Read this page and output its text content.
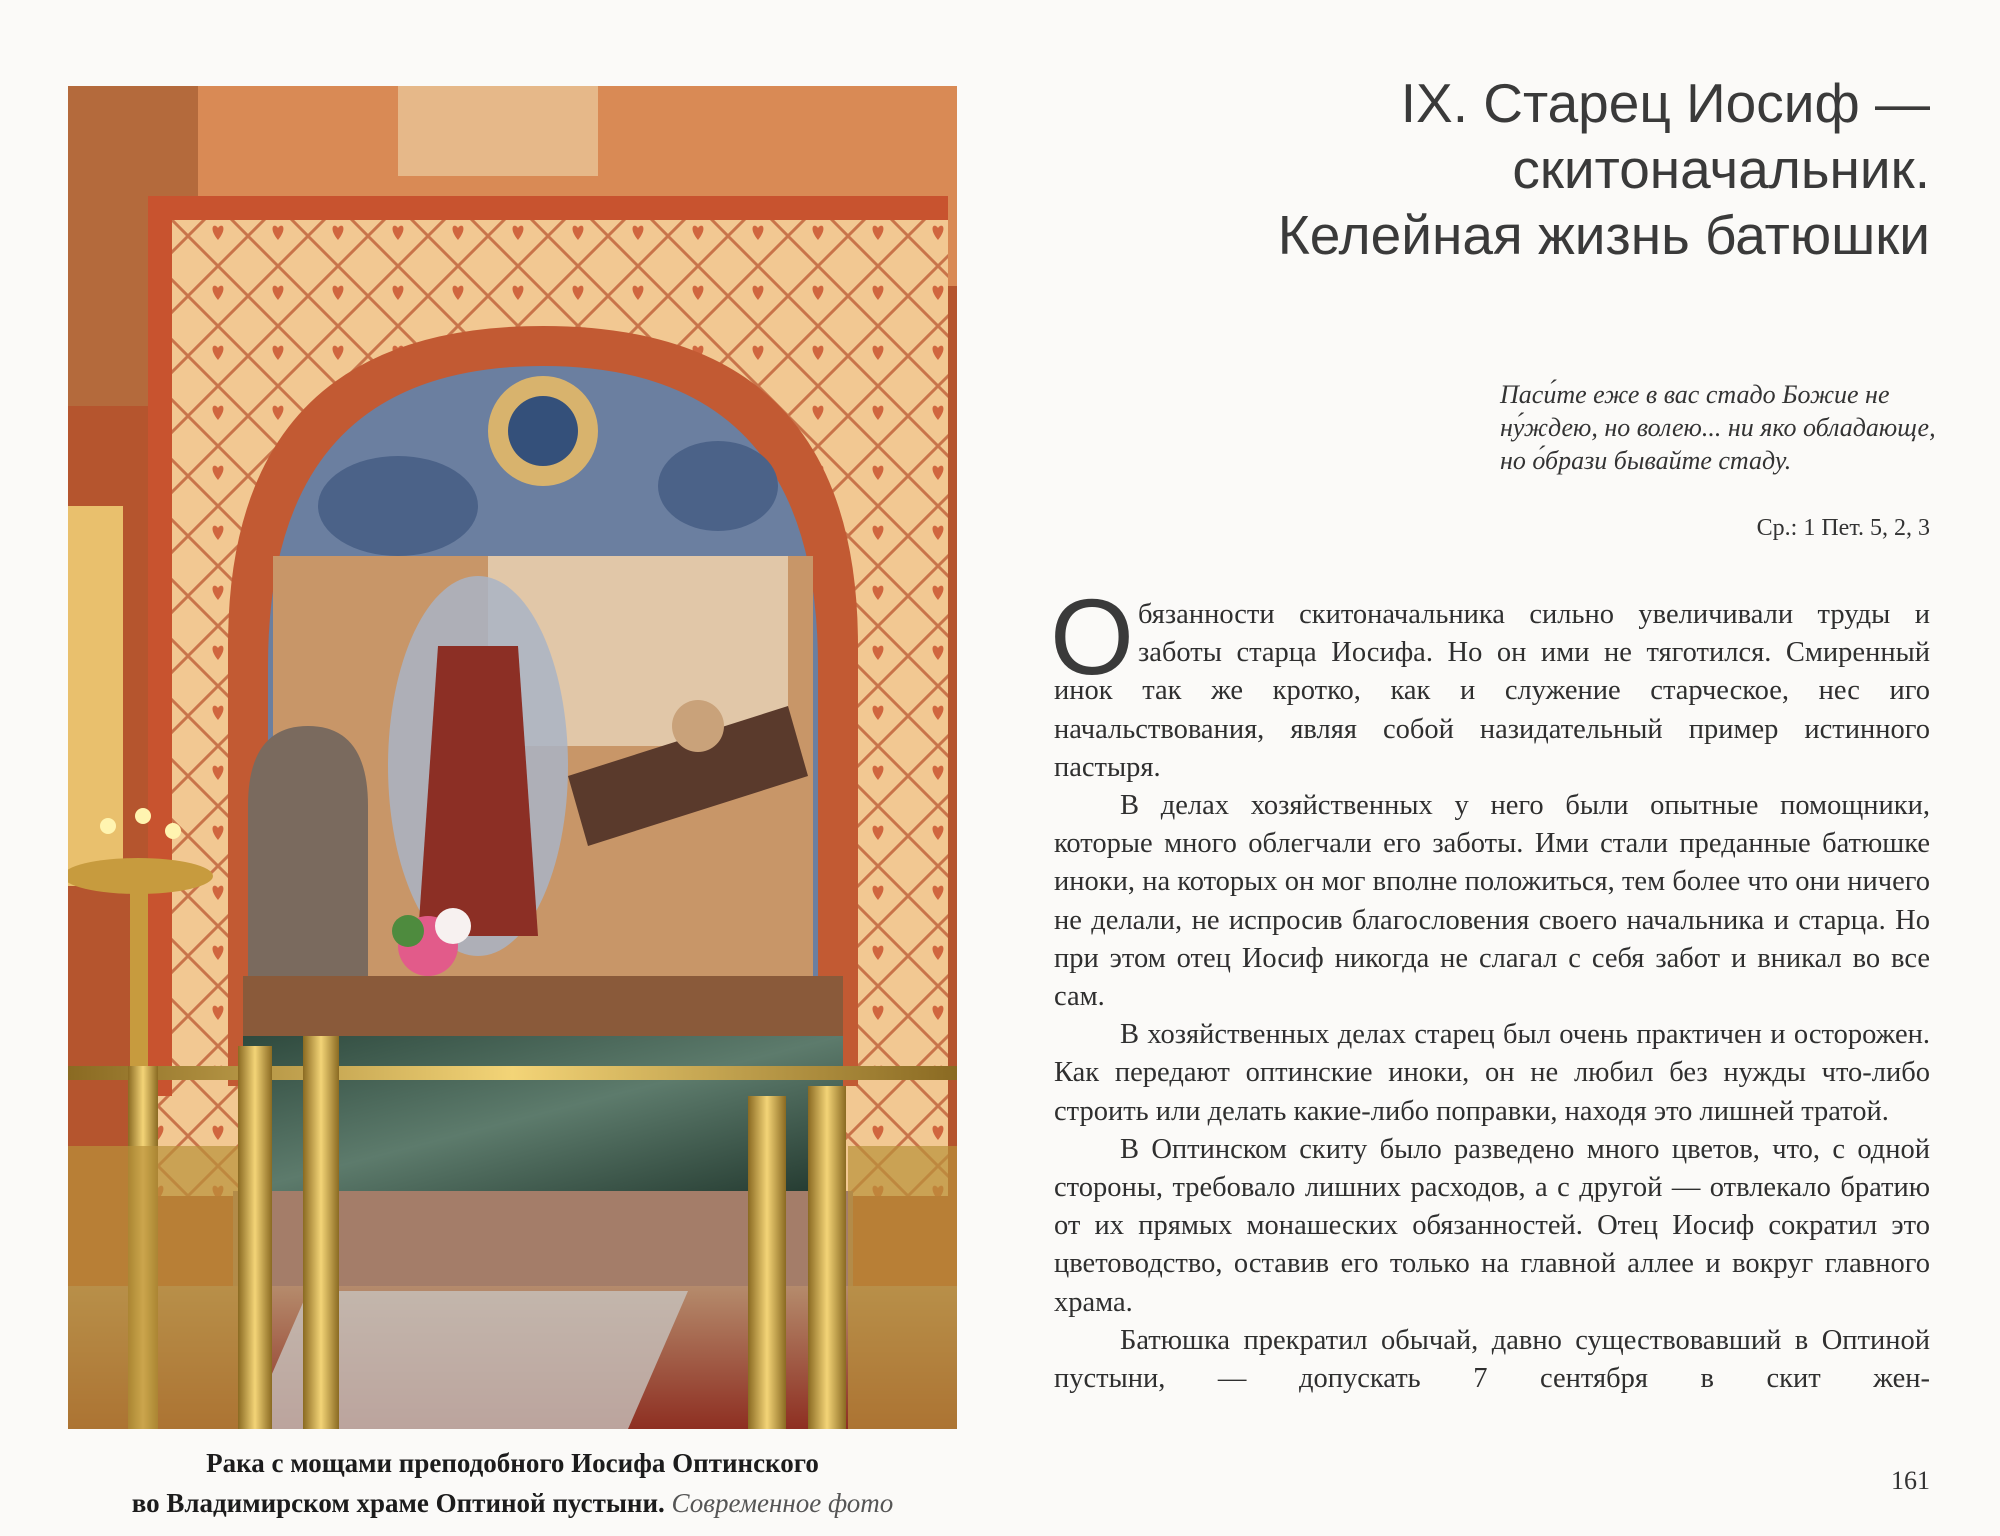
Рака с мощами преподобного Иосифа Оптинского
во Владимирском храме Оптиной пустыни. Современное фото
IX. Старец Иосиф —
скитоначальник.
Келейная жизнь батюшки
Паси́те еже в вас стадо Божие не ну́ждею, но волею... ни яко обладающе, но о́брази бывайте стаду.
Ср.: 1 Пет. 5, 2, 3

Обязанности скитоначальника сильно увеличивали труды и заботы старца Иосифа. Но он ими не тяготился. Смиренный инок так же кротко, как и служение старческое, нес иго начальствования, являя собой назидательный пример истинного пастыря.

В делах хозяйственных у него были опытные помощники, которые много облегчали его заботы. Ими стали преданные батюшке иноки, на которых он мог вполне положиться, тем более что они ничего не делали, не испросив благословения своего начальника и старца. Но при этом отец Иосиф никогда не слагал с себя забот и вникал во все сам.

В хозяйственных делах старец был очень практичен и осторожен. Как передают оптинские иноки, он не любил без нужды что-либо строить или делать какие-либо поправки, находя это лишней тратой.

В Оптинском скиту было разведено много цветов, что, с одной стороны, требовало лишних расходов, а с другой — отвлекало братию от их прямых монашеских обязанностей. Отец Иосиф сократил это цветоводство, оставив его только на главной аллее и вокруг главного храма.

Батюшка прекратил обычай, давно существовавший в Оптиной пустыни, — допускать 7 сентября в скит жен-

161
